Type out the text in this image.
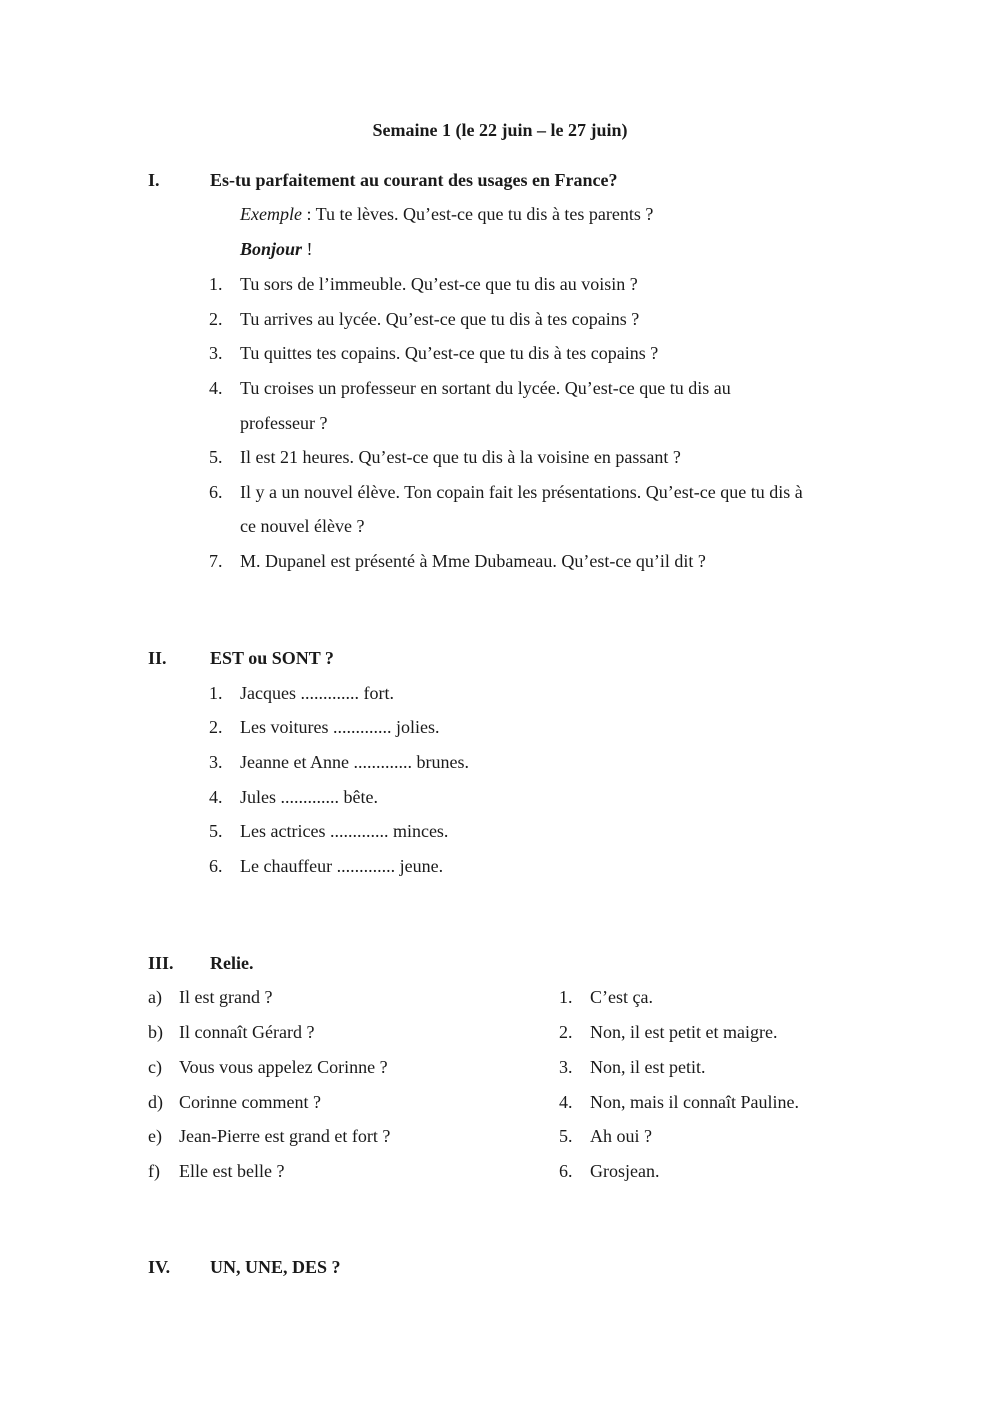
Semaine 1 (le 22 juin – le 27 juin)
I.	Es-tu parfaitement au courant des usages en France?
Exemple : Tu te lèves. Qu’est-ce que tu dis à tes parents ?
Bonjour !
1. Tu sors de l’immeuble. Qu’est-ce que tu dis au voisin ?
2. Tu arrives au lycée. Qu’est-ce que tu dis à tes copains ?
3. Tu quittes tes copains. Qu’est-ce que tu dis à tes copains ?
4. Tu croises un professeur en sortant du lycée. Qu’est-ce que tu dis au
professeur ?
5. Il est 21 heures. Qu’est-ce que tu dis à la voisine en passant ?
6. Il y a un nouvel élève. Ton copain fait les présentations. Qu’est-ce que tu dis à
ce nouvel élève ?
7. M. Dupanel est présenté à Mme Dubameau. Qu’est-ce qu’il dit ?
II. EST ou SONT ?
1. Jacques ............. fort.
2. Les voitures ............. jolies.
3. Jeanne et Anne ............. brunes.
4. Jules ............. bête.
5. Les actrices ............. minces.
6. Le chauffeur ............. jeune.
III. Relie.
a) Il est grand ?	1. C’est ça.
b) Il connaît Gérard ?	2. Non, il est petit et maigre.
c) Vous vous appelez Corinne ?	3. Non, il est petit.
d) Corinne comment ?	4. Non, mais il connaît Pauline.
e) Jean-Pierre est grand et fort ?	5. Ah oui ?
f) Elle est belle ?	6. Grosjean.
IV. UN, UNE, DES ?
